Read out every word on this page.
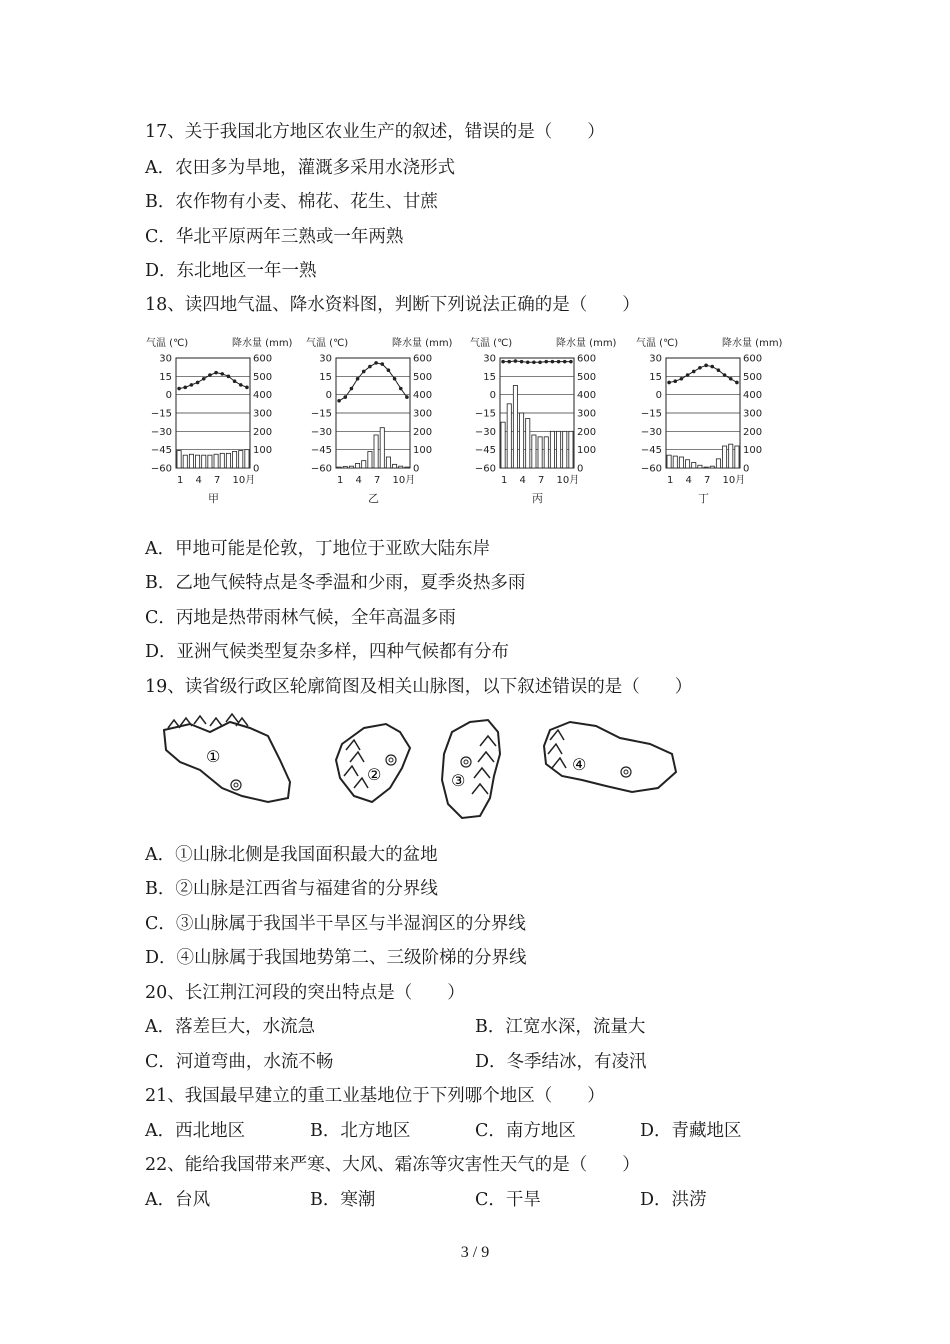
17、关于我国北方地区农业生产的叙述，错误的是（　　）
A．农田多为旱地，灌溉多采用水浇形式
B．农作物有小麦、棉花、花生、甘蔗
C．华北平原两年三熟或一年两熟
D．东北地区一年一熟
18、读四地气温、降水资料图，判断下列说法正确的是（　　）
气温 (℃)	降水量 (mm)
30
15
0
−15
−30
−45
−60
600
500
400
300
200
100
0
1 4 7 10月
甲
气温 (℃)	降水量 (mm)
30
15
0
−15
−30
−45
−60
600
500
400
300
200
100
0
1 4 7 10月
乙
气温 (℃)	降水量 (mm)
30
15
0
−15
−30
−45
−60
600
500
400
300
200
100
0
1 4 7 10月
丙
气温 (℃)	降水量 (mm)
30
15
0
−15
−30
−45
−60
600
500
400
300
200
100
0
1 4 7 10月
丁
A．甲地可能是伦敦，丁地位于亚欧大陆东岸
B．乙地气候特点是冬季温和少雨，夏季炎热多雨
C．丙地是热带雨林气候，全年高温多雨
D．亚洲气候类型复杂多样，四种气候都有分布
19、读省级行政区轮廓简图及相关山脉图，以下叙述错误的是（　　）
①
②	③
④
A．①山脉北侧是我国面积最大的盆地
B．②山脉是江西省与福建省的分界线
C．③山脉属于我国半干旱区与半湿润区的分界线
D．④山脉属于我国地势第二、三级阶梯的分界线
20、长江荆江河段的突出特点是（　　）
A．落差巨大，水流急	B．江宽水深，流量大
C．河道弯曲，水流不畅	D．冬季结冰，有凌汛
21、我国最早建立的重工业基地位于下列哪个地区（　　）
A．西北地区	B．北方地区	C．南方地区	D．青藏地区
22、能给我国带来严寒、大风、霜冻等灾害性天气的是（　　）
A．台风	B．寒潮	C．干旱	D．洪涝
3 / 9
